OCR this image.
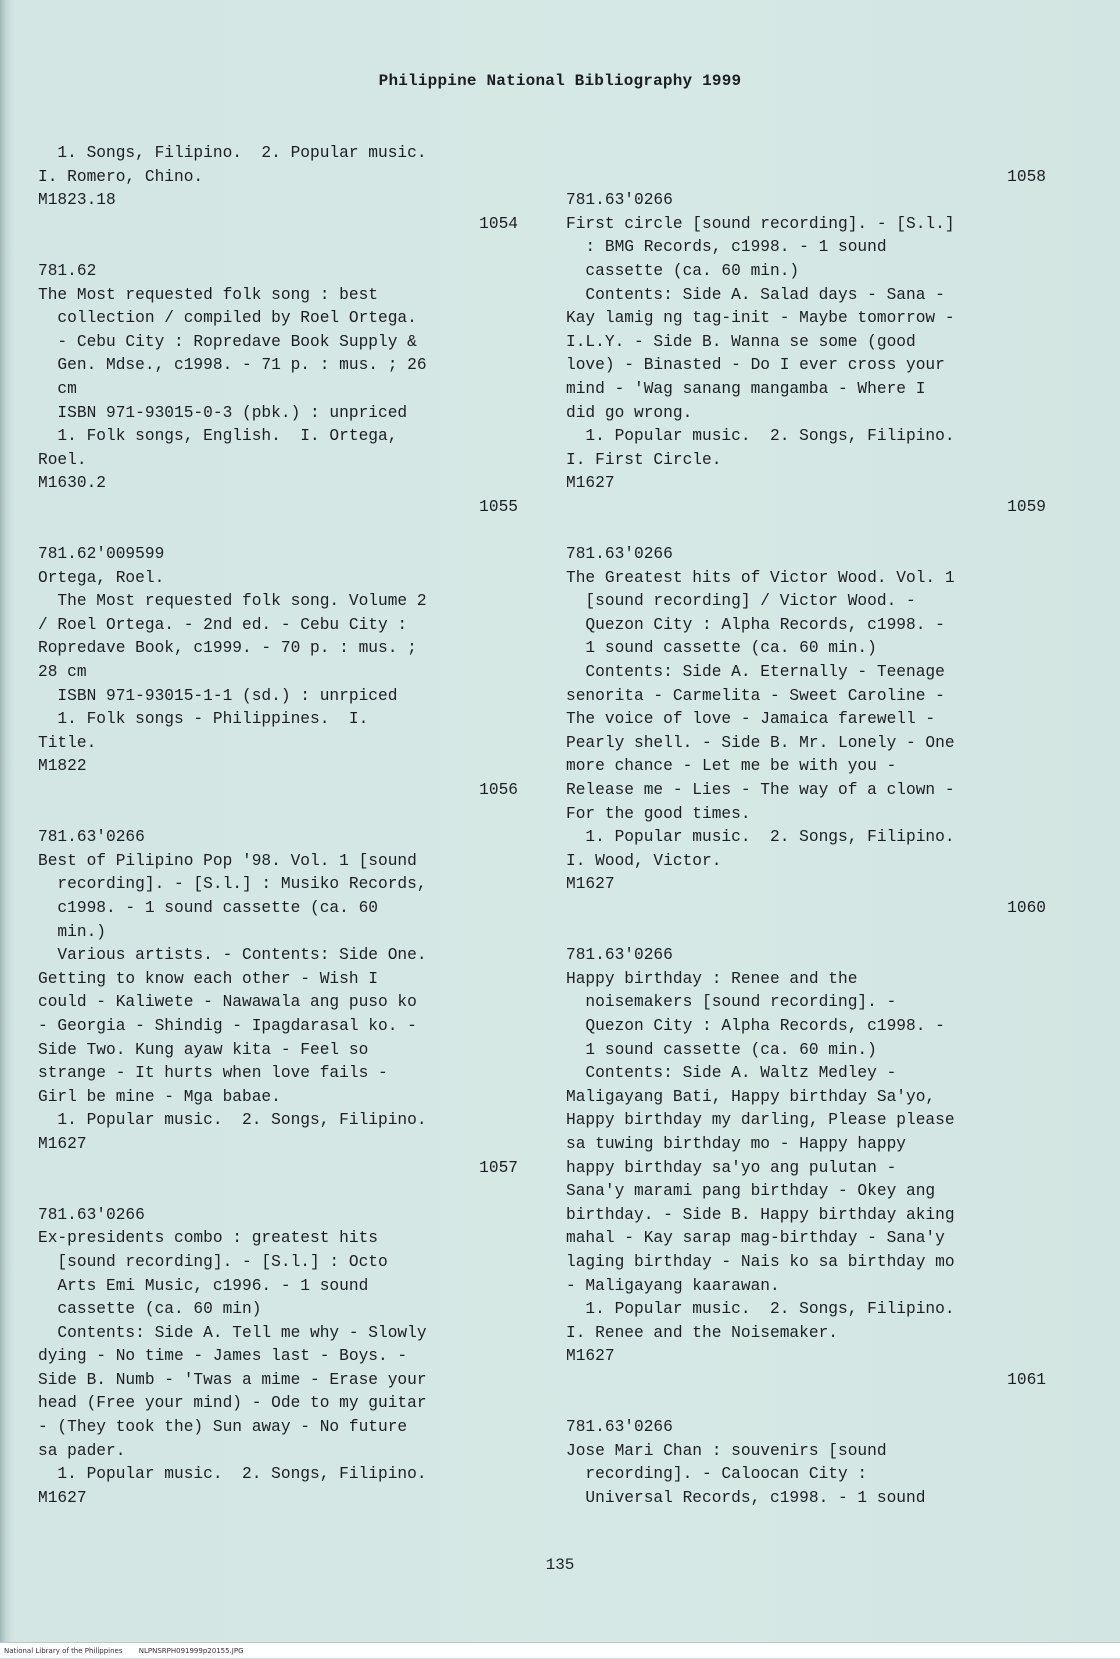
Philippine National Bibliography 1999
1. Songs, Filipino.  2. Popular music.
I. Romero, Chino.
M1823.18
1054
781.62
The Most requested folk song : best
collection / compiled by Roel Ortega.
- Cebu City : Ropredave Book Supply &
Gen. Mdse., c1998. - 71 p. : mus. ; 26
cm
ISBN 971-93015-0-3 (pbk.) : unpriced
1. Folk songs, English.  I. Ortega,
Roel.
M1630.2
1055
781.62'009599
Ortega, Roel.
The Most requested folk song. Volume 2
/ Roel Ortega. - 2nd ed. - Cebu City :
Ropredave Book, c1999. - 70 p. : mus. ;
28 cm
ISBN 971-93015-1-1 (sd.) : unrpiced
1. Folk songs - Philippines.  I.
Title.
M1822
1056
781.63'0266
Best of Pilipino Pop '98. Vol. 1 [sound
recording]. - [S.l.] : Musiko Records,
c1998. - 1 sound cassette (ca. 60
min.)
Various artists. - Contents: Side One.
Getting to know each other - Wish I
could - Kaliwete - Nawawala ang puso ko
- Georgia - Shindig - Ipagdarasal ko. -
Side Two. Kung ayaw kita - Feel so
strange - It hurts when love fails -
Girl be mine - Mga babae.
1. Popular music.  2. Songs, Filipino.
M1627
1057
781.63'0266
Ex-presidents combo : greatest hits
[sound recording]. - [S.l.] : Octo
Arts Emi Music, c1996. - 1 sound
cassette (ca. 60 min)
Contents: Side A. Tell me why - Slowly
dying - No time - James last - Boys. -
Side B. Numb - 'Twas a mime - Erase your
head (Free your mind) - Ode to my guitar
- (They took the) Sun away - No future
sa pader.
1. Popular music.  2. Songs, Filipino.
M1627
1058
781.63'0266
First circle [sound recording]. - [S.l.]
: BMG Records, c1998. - 1 sound
cassette (ca. 60 min.)
Contents: Side A. Salad days - Sana -
Kay lamig ng tag-init - Maybe tomorrow -
I.L.Y. - Side B. Wanna se some (good
love) - Binasted - Do I ever cross your
mind - 'Wag sanang mangamba - Where I
did go wrong.
1. Popular music.  2. Songs, Filipino.
I. First Circle.
M1627
1059
781.63'0266
The Greatest hits of Victor Wood. Vol. 1
[sound recording] / Victor Wood. -
Quezon City : Alpha Records, c1998. -
1 sound cassette (ca. 60 min.)
Contents: Side A. Eternally - Teenage
senorita - Carmelita - Sweet Caroline -
The voice of love - Jamaica farewell -
Pearly shell. - Side B. Mr. Lonely - One
more chance - Let me be with you -
Release me - Lies - The way of a clown -
For the good times.
1. Popular music.  2. Songs, Filipino.
I. Wood, Victor.
M1627
1060
781.63'0266
Happy birthday : Renee and the
noisemakers [sound recording]. -
Quezon City : Alpha Records, c1998. -
1 sound cassette (ca. 60 min.)
Contents: Side A. Waltz Medley -
Maligayang Bati, Happy birthday Sa'yo,
Happy birthday my darling, Please please
sa tuwing birthday mo - Happy happy
happy birthday sa'yo ang pulutan -
Sana'y marami pang birthday - Okey ang
birthday. - Side B. Happy birthday aking
mahal - Kay sarap mag-birthday - Sana'y
laging birthday - Nais ko sa birthday mo
- Maligayang kaarawan.
1. Popular music.  2. Songs, Filipino.
I. Renee and the Noisemaker.
M1627
1061
781.63'0266
Jose Mari Chan : souvenirs [sound
recording]. - Caloocan City :
Universal Records, c1998. - 1 sound
135
National Library of the Philippines NLPNSRPH091999p20155.JPG
